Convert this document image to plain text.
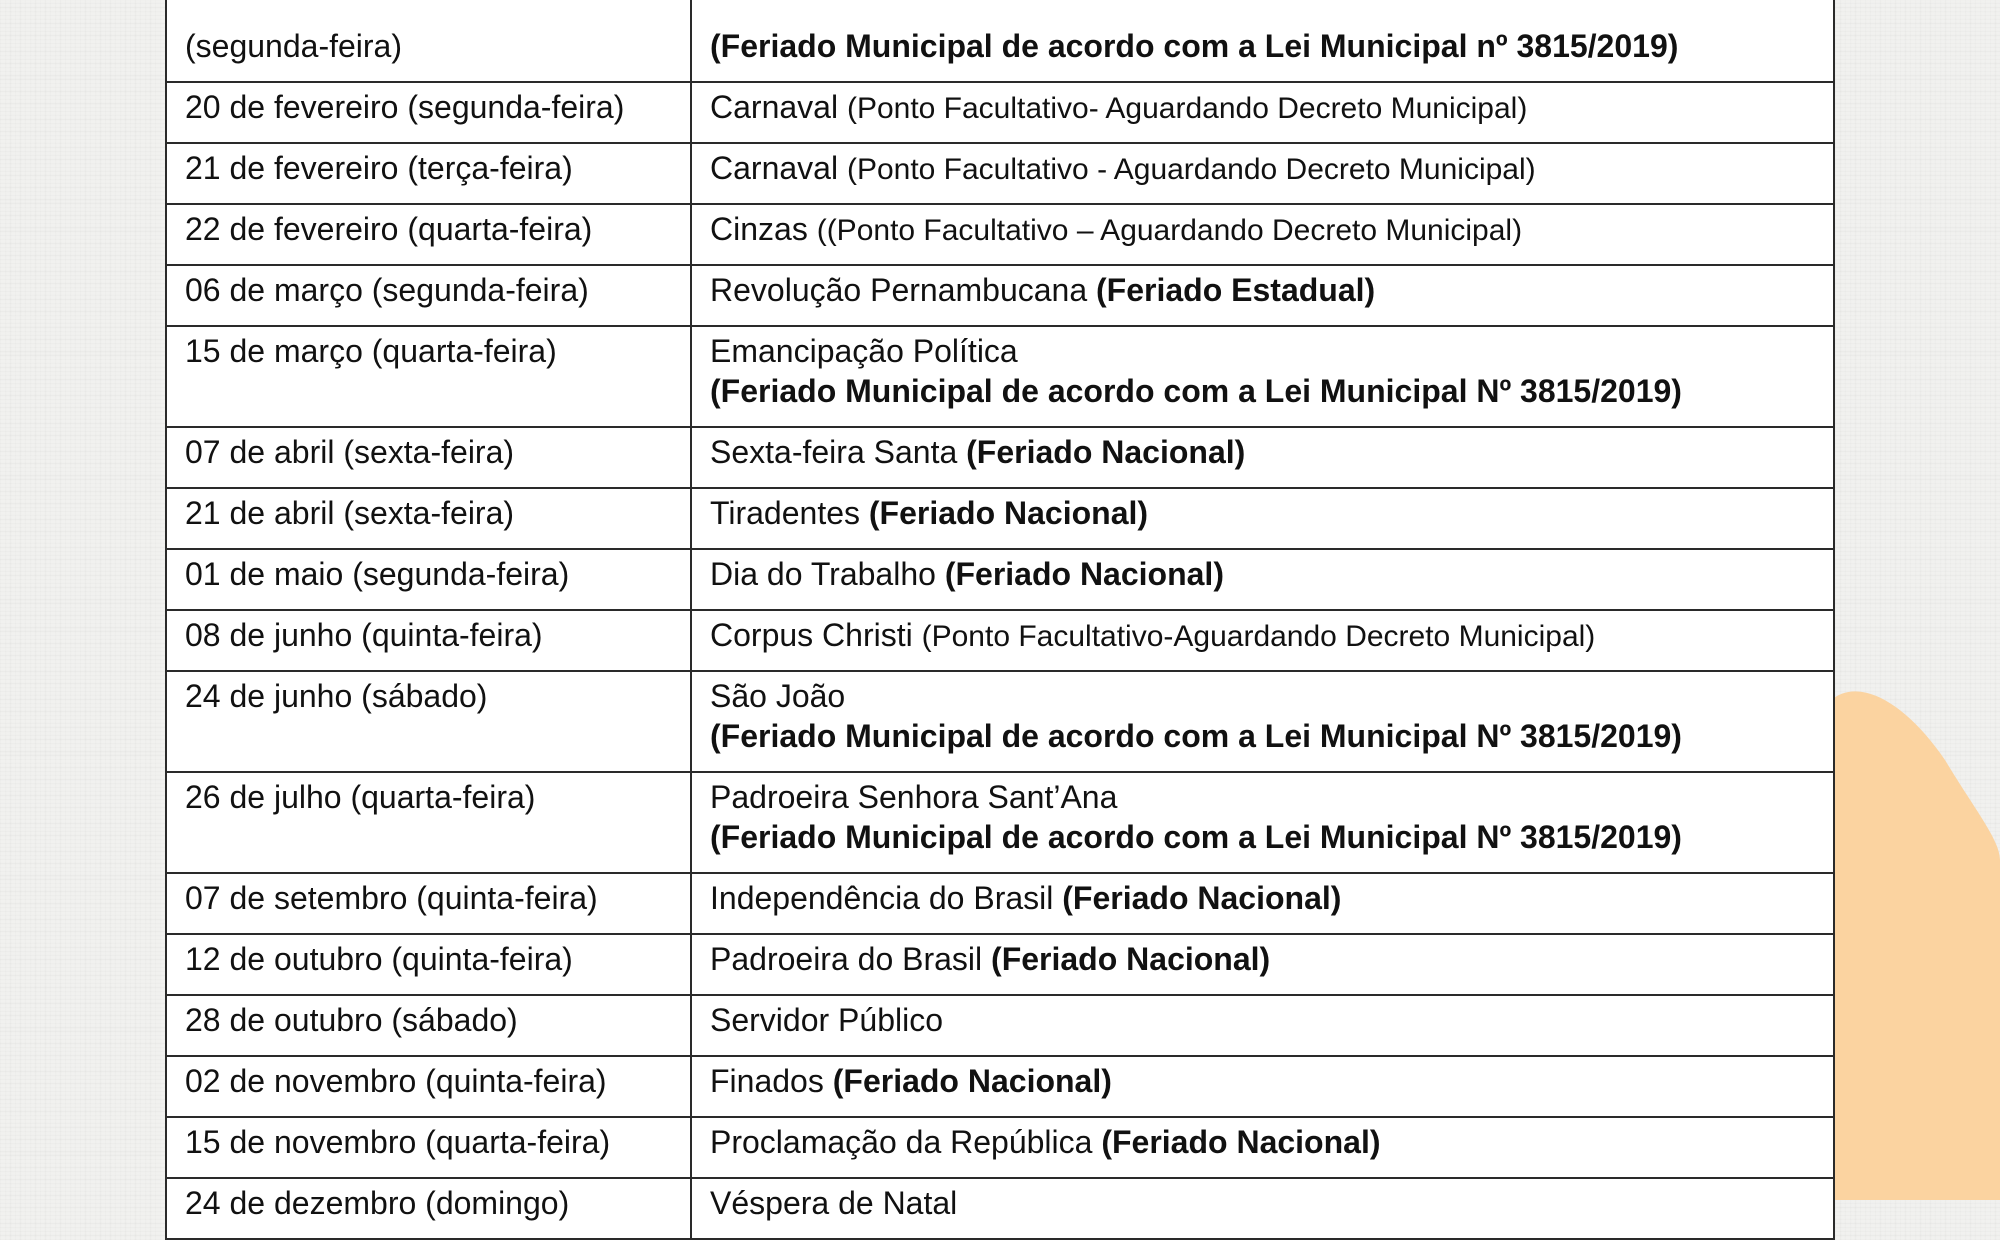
(segunda-feira)	(Feriado Municipal de acordo com a Lei Municipal nº 3815/2019)
20 de fevereiro (segunda-feira)	Carnaval (Ponto Facultativo- Aguardando Decreto Municipal)
21 de fevereiro (terça-feira)	Carnaval (Ponto Facultativo - Aguardando Decreto Municipal)
22 de fevereiro (quarta-feira)	Cinzas ((Ponto Facultativo – Aguardando Decreto Municipal)
06 de março (segunda-feira)	Revolução Pernambucana (Feriado Estadual)
15 de março (quarta-feira)	Emancipação Política
(Feriado Municipal de acordo com a Lei Municipal Nº 3815/2019)
07 de abril (sexta-feira)	Sexta-feira Santa (Feriado Nacional)
21 de abril (sexta-feira)	Tiradentes (Feriado Nacional)
01 de maio (segunda-feira)	Dia do Trabalho (Feriado Nacional)
08 de junho (quinta-feira)	Corpus Christi (Ponto Facultativo-Aguardando Decreto Municipal)
24 de junho (sábado)	São João
(Feriado Municipal de acordo com a Lei Municipal Nº 3815/2019)
26 de julho (quarta-feira)	Padroeira Senhora Sant’Ana
(Feriado Municipal de acordo com a Lei Municipal Nº 3815/2019)
07 de setembro (quinta-feira)	Independência do Brasil (Feriado Nacional)
12 de outubro (quinta-feira)	Padroeira do Brasil (Feriado Nacional)
28 de outubro (sábado)	Servidor Público
02 de novembro (quinta-feira)	Finados (Feriado Nacional)
15 de novembro (quarta-feira)	Proclamação da República (Feriado Nacional)
24 de dezembro (domingo)	Véspera de Natal
